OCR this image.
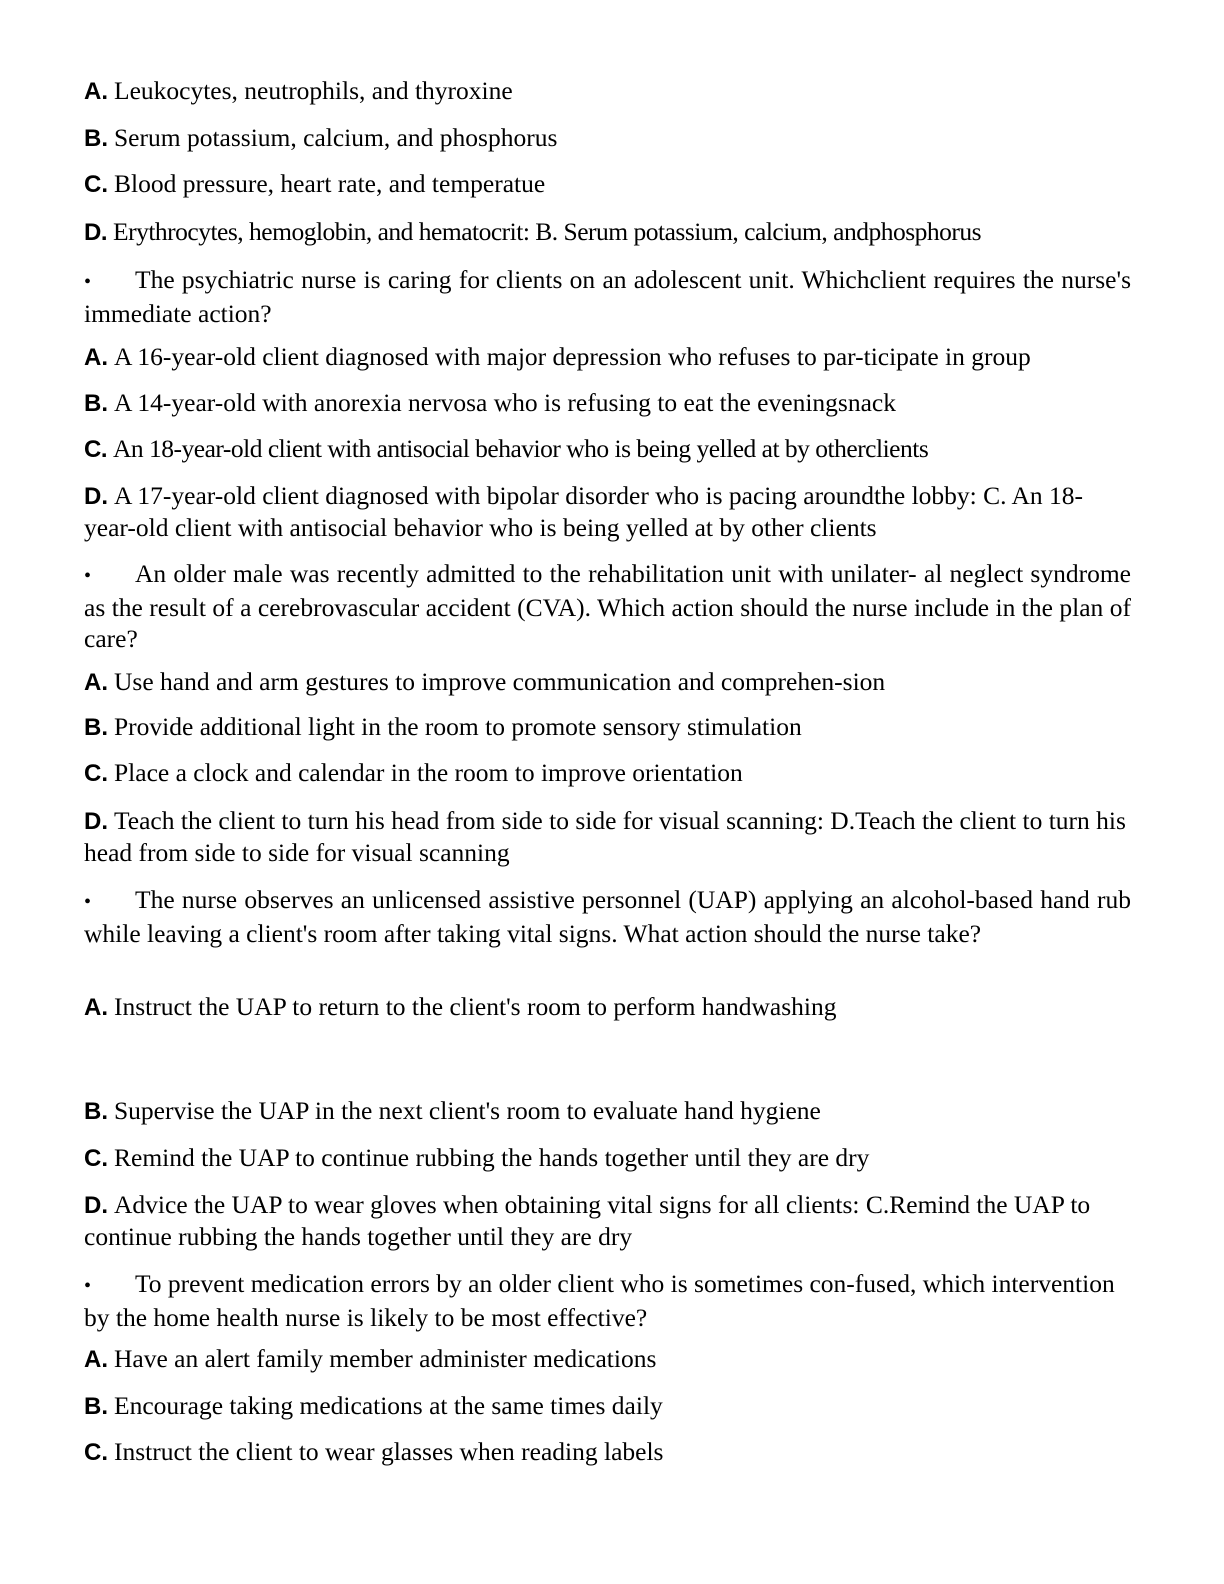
A. Leukocytes, neutrophils, and thyroxine
B. Serum potassium, calcium, and phosphorus
C. Blood pressure, heart rate, and temperatue
D. Erythrocytes, hemoglobin, and hematocrit: B. Serum potassium, calcium, andphosphorus
• The psychiatric nurse is caring for clients on an adolescent unit. Whichclient requires the nurse's immediate action?
A. A 16-year-old client diagnosed with major depression who refuses to par-ticipate in group
B. A 14-year-old with anorexia nervosa who is refusing to eat the eveningsnack
C. An 18-year-old client with antisocial behavior who is being yelled at by otherclients
D. A 17-year-old client diagnosed with bipolar disorder who is pacing aroundthe lobby: C. An 18-year-old client with antisocial behavior who is being yelled at by other clients
• An older male was recently admitted to the rehabilitation unit with unilater- al neglect syndrome as the result of a cerebrovascular accident (CVA). Which action should the nurse include in the plan of care?
A. Use hand and arm gestures to improve communication and comprehen-sion
B. Provide additional light in the room to promote sensory stimulation
C. Place a clock and calendar in the room to improve orientation
D. Teach the client to turn his head from side to side for visual scanning: D.Teach the client to turn his head from side to side for visual scanning
• The nurse observes an unlicensed assistive personnel (UAP) applying an alcohol-based hand rub while leaving a client's room after taking vital signs. What action should the nurse take?
A. Instruct the UAP to return to the client's room to perform handwashing
B. Supervise the UAP in the next client's room to evaluate hand hygiene
C. Remind the UAP to continue rubbing the hands together until they are dry
D. Advice the UAP to wear gloves when obtaining vital signs for all clients: C.Remind the UAP to continue rubbing the hands together until they are dry
• To prevent medication errors by an older client who is sometimes con-fused, which intervention by the home health nurse is likely to be most effective?
A. Have an alert family member administer medications
B. Encourage taking medications at the same times daily
C. Instruct the client to wear glasses when reading labels
